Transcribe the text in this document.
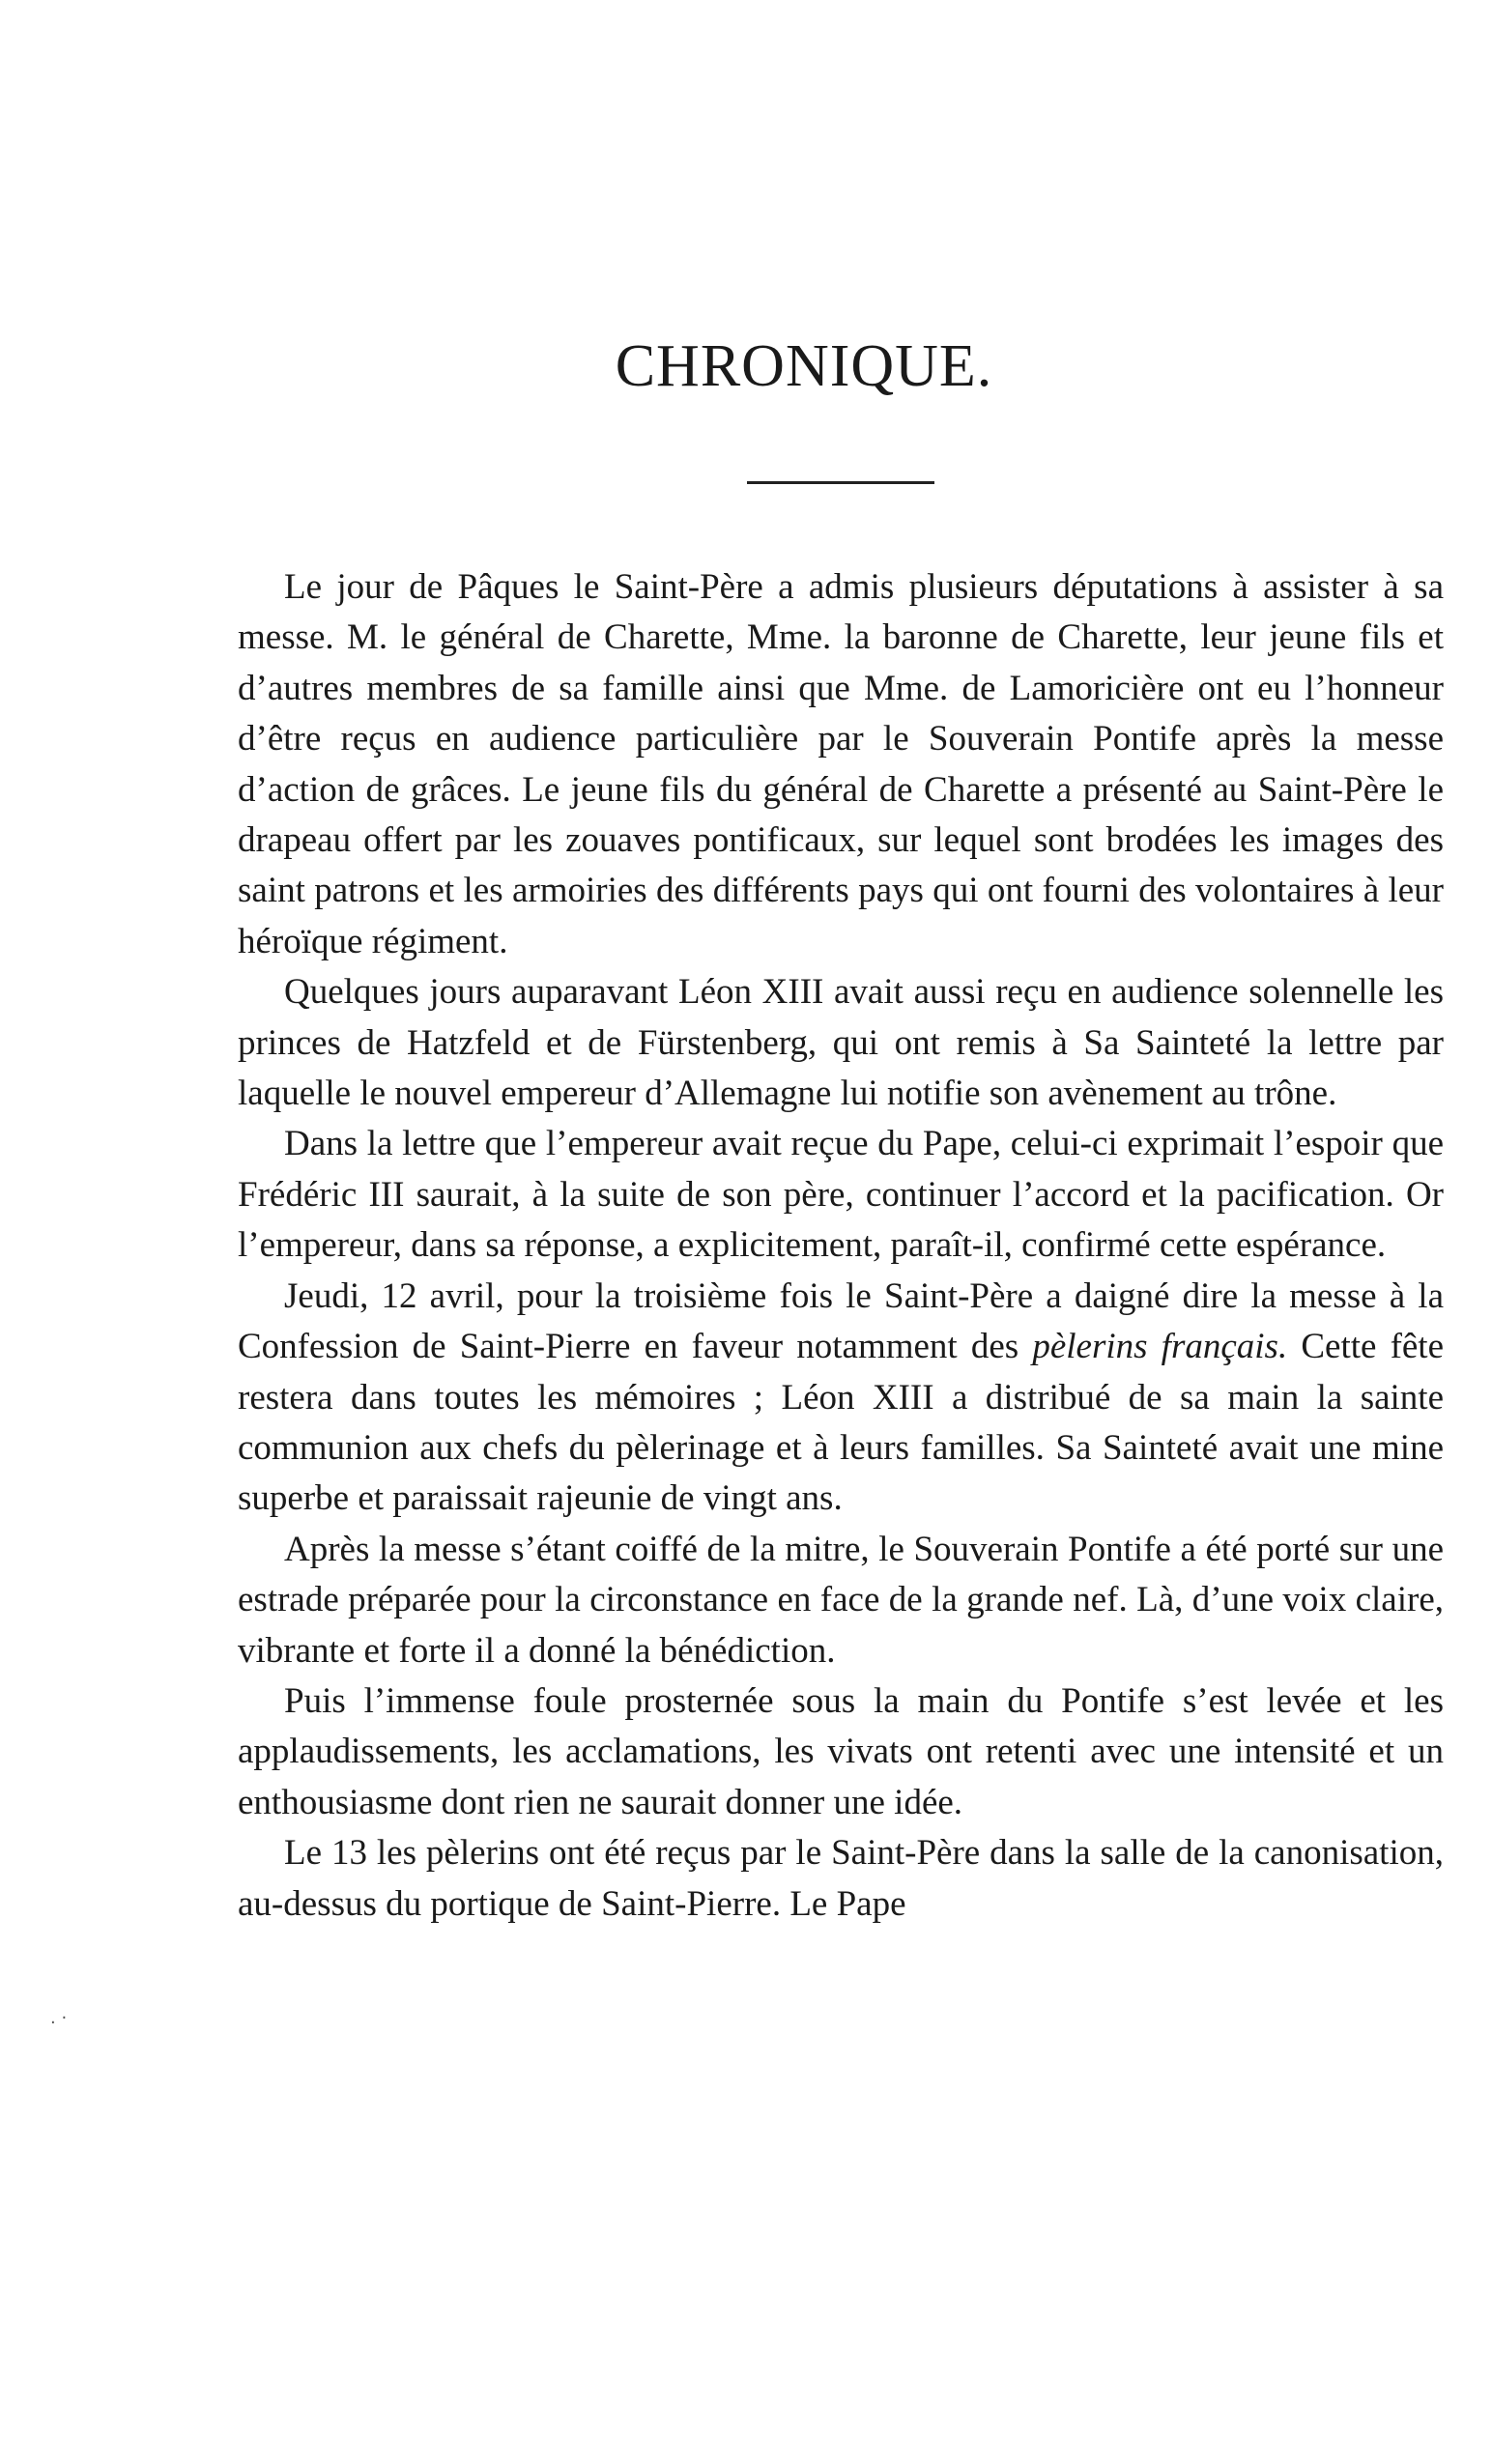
CHRONIQUE.

Le jour de Pâques le Saint-Père a admis plusieurs députations à assister à sa messe. M. le général de Charette, Mme. la baronne de Charette, leur jeune fils et d’autres membres de sa famille ainsi que Mme. de Lamoricière ont eu l’honneur d’être reçus en audience particulière par le Souverain Pontife après la messe d’action de grâces. Le jeune fils du général de Charette a présenté au Saint-Père le drapeau offert par les zouaves pontificaux, sur lequel sont brodées les images des saint patrons et les armoiries des différents pays qui ont fourni des volontaires à leur héroïque régiment.

Quelques jours auparavant Léon XIII avait aussi reçu en audience solennelle les princes de Hatzfeld et de Fürstenberg, qui ont remis à Sa Sainteté la lettre par laquelle le nouvel empereur d’Allemagne lui notifie son avènement au trône.

Dans la lettre que l’empereur avait reçue du Pape, celui-ci exprimait l’espoir que Frédéric III saurait, à la suite de son père, continuer l’accord et la pacification. Or l’empereur, dans sa réponse, a explicitement, paraît-il, confirmé cette espérance.

Jeudi, 12 avril, pour la troisième fois le Saint-Père a daigné dire la messe à la Confession de Saint-Pierre en faveur notamment des pèlerins français. Cette fête restera dans toutes les mémoires ; Léon XIII a distribué de sa main la sainte communion aux chefs du pèlerinage et à leurs familles. Sa Sainteté avait une mine superbe et paraissait rajeunie de vingt ans.

Après la messe s’étant coiffé de la mitre, le Souverain Pontife a été porté sur une estrade préparée pour la circonstance en face de la grande nef. Là, d’une voix claire, vibrante et forte il a donné la bénédiction.

Puis l’immense foule prosternée sous la main du Pontife s’est levée et les applaudissements, les acclamations, les vivats ont retenti avec une intensité et un enthousiasme dont rien ne saurait donner une idée.

Le 13 les pèlerins ont été reçus par le Saint-Père dans la salle de la canonisation, au-dessus du portique de Saint-Pierre. Le Pape

. ·
